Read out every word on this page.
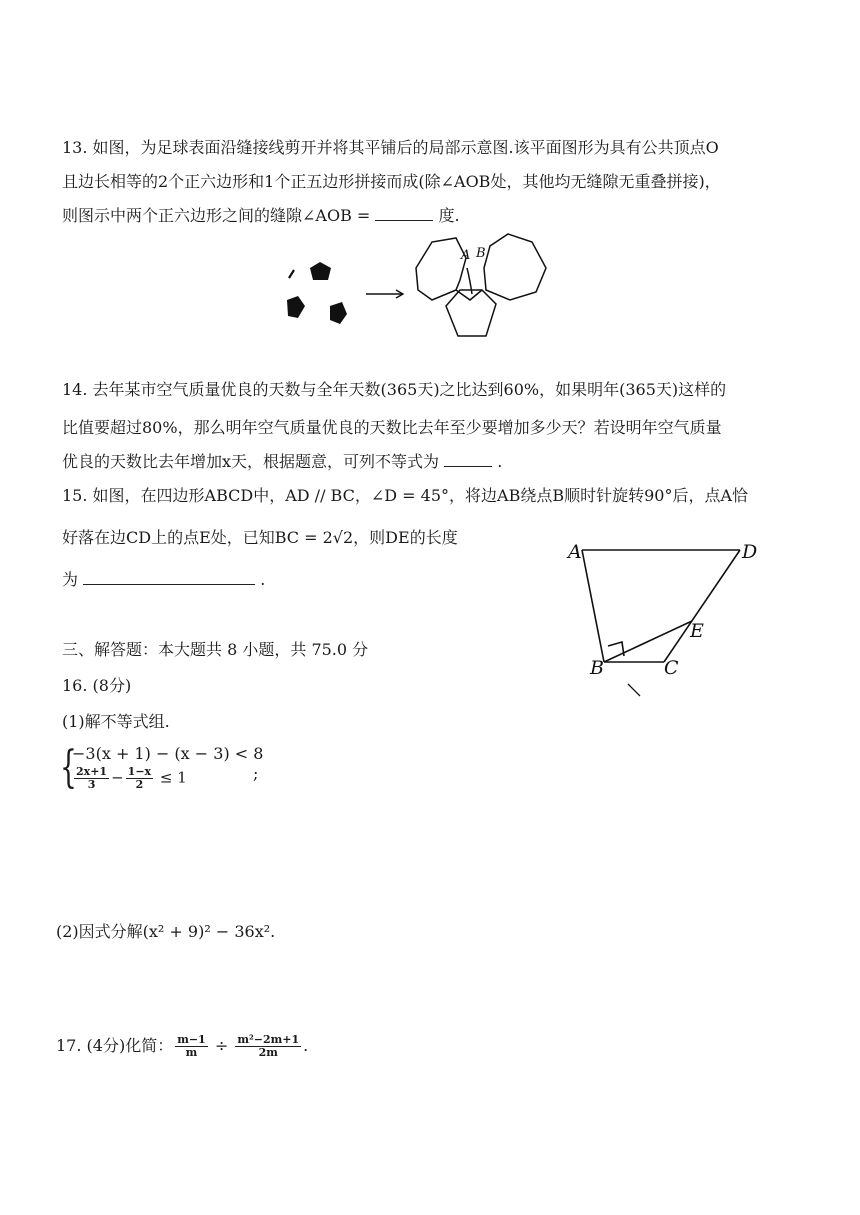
13. 如图，为足球表面沿缝接线剪开并将其平铺后的局部示意图.该平面图形为具有公共顶点O
且边长相等的2个正六边形和1个正五边形拼接而成(除∠AOB处，其他均无缝隙无重叠拼接)，
则图示中两个正六边形之间的缝隙∠AOB =	度.
A B
14. 去年某市空气质量优良的天数与全年天数(365天)之比达到60%，如果明年(365天)这样的
比值要超过80%，那么明年空气质量优良的天数比去年至少要增加多少天？若设明年空气质量
优良的天数比去年增加x天，根据题意，可列不等式为	.
15. 如图，在四边形ABCD中，AD // BC，∠D = 45°，将边AB绕点B顺时针旋转90°后，点A恰
好落在边CD上的点E处，已知BC = 2√2，则DE的长度
为	.
A	D
E
B	C
三、解答题：本大题共 8 小题，共 75.0 分
16. (8分)
(1)解不等式组.
{
−3(x + 1) − (x − 3) < 8
$\frac{2x+1}{3} - \frac{1-x}{2} \le 1$	;
(2)因式分解(x² + 9)² − 36x².
17. (4分)化简： $\frac{m-1}{m} \div \frac{\text{m²−2m+1}}{2m}$ .
